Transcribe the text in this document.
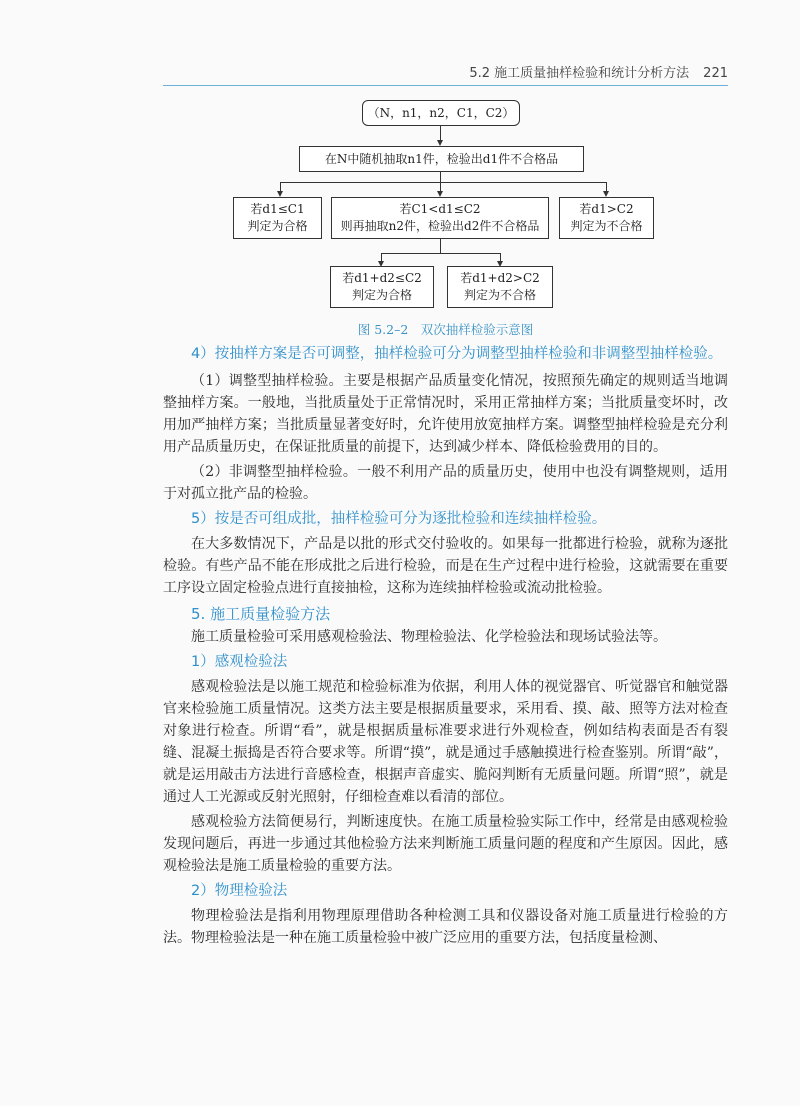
5.2 施工质量抽样检验和统计分析方法 221
（N，n1，n2，C1，C2）
在N中随机抽取n1件，检验出d1件不合格品
若d1≤C1
判定为合格
若C1<d1≤C2
则再抽取n2件，检验出d2件不合格品
若d1>C2
判定为不合格
若d1+d2≤C2
判定为合格
若d1+d2>C2
判定为不合格
图 5.2–2　双次抽样检验示意图

4）按抽样方案是否可调整，抽样检验可分为调整型抽样检验和非调整型抽样检验。

（1）调整型抽样检验。主要是根据产品质量变化情况，按照预先确定的规则适当地调整抽样方案。一般地，当批质量处于正常情况时，采用正常抽样方案；当批质量变坏时，改用加严抽样方案；当批质量显著变好时，允许使用放宽抽样方案。调整型抽样检验是充分利用产品质量历史，在保证批质量的前提下，达到减少样本、降低检验费用的目的。

（2）非调整型抽样检验。一般不利用产品的质量历史，使用中也没有调整规则，适用于对孤立批产品的检验。

5）按是否可组成批，抽样检验可分为逐批检验和连续抽样检验。

在大多数情况下，产品是以批的形式交付验收的。如果每一批都进行检验，就称为逐批检验。有些产品不能在形成批之后进行检验，而是在生产过程中进行检验，这就需要在重要工序设立固定检验点进行直接抽检，这称为连续抽样检验或流动批检验。

5. 施工质量检验方法

施工质量检验可采用感观检验法、物理检验法、化学检验法和现场试验法等。

1）感观检验法

感观检验法是以施工规范和检验标准为依据，利用人体的视觉器官、听觉器官和触觉器官来检验施工质量情况。这类方法主要是根据质量要求，采用看、摸、敲、照等方法对检查对象进行检查。所谓“看”，就是根据质量标准要求进行外观检查，例如结构表面是否有裂缝、混凝土振捣是否符合要求等。所谓“摸”，就是通过手感触摸进行检查鉴别。所谓“敲”，就是运用敲击方法进行音感检查，根据声音虚实、脆闷判断有无质量问题。所谓“照”，就是通过人工光源或反射光照射，仔细检查难以看清的部位。

感观检验方法简便易行，判断速度快。在施工质量检验实际工作中，经常是由感观检验发现问题后，再进一步通过其他检验方法来判断施工质量问题的程度和产生原因。因此，感观检验法是施工质量检验的重要方法。

2）物理检验法

物理检验法是指利用物理原理借助各种检测工具和仪器设备对施工质量进行检验的方法。物理检验法是一种在施工质量检验中被广泛应用的重要方法，包括度量检测、
